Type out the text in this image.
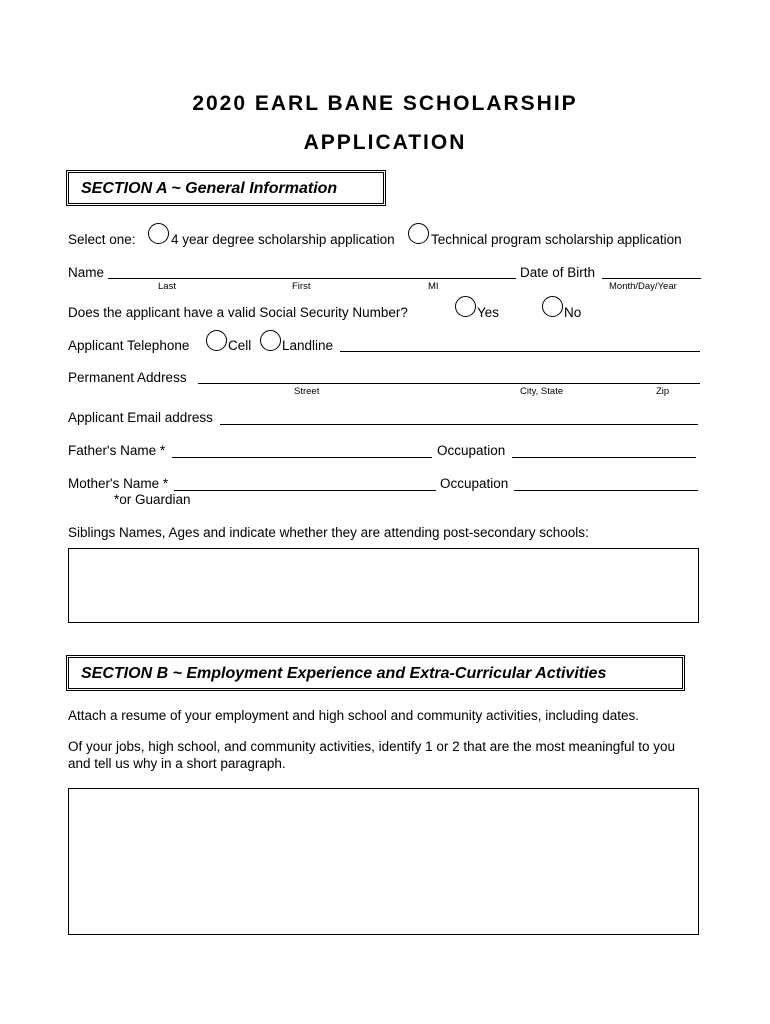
2020 EARL BANE SCHOLARSHIP
APPLICATION
SECTION A ~ General Information
Select one:	4 year degree scholarship application	Technical program scholarship application
Name
Last	First	MI
Date of Birth
Month/Day/Year
Does the applicant have a valid Social Security Number?	Yes	No
Applicant Telephone	Cell Landline
Permanent Address
Street	City, State	Zip
Applicant Email address
Father's Name *	Occupation
Mother's Name *	Occupation
*or Guardian
Siblings Names, Ages and indicate whether they are attending post-secondary schools:
SECTION B ~ Employment Experience and Extra-Curricular Activities
Attach a resume of your employment and high school and community activities, including dates.
Of your jobs, high school, and community activities, identify 1 or 2 that are the most meaningful to you
and tell us why in a short paragraph.
